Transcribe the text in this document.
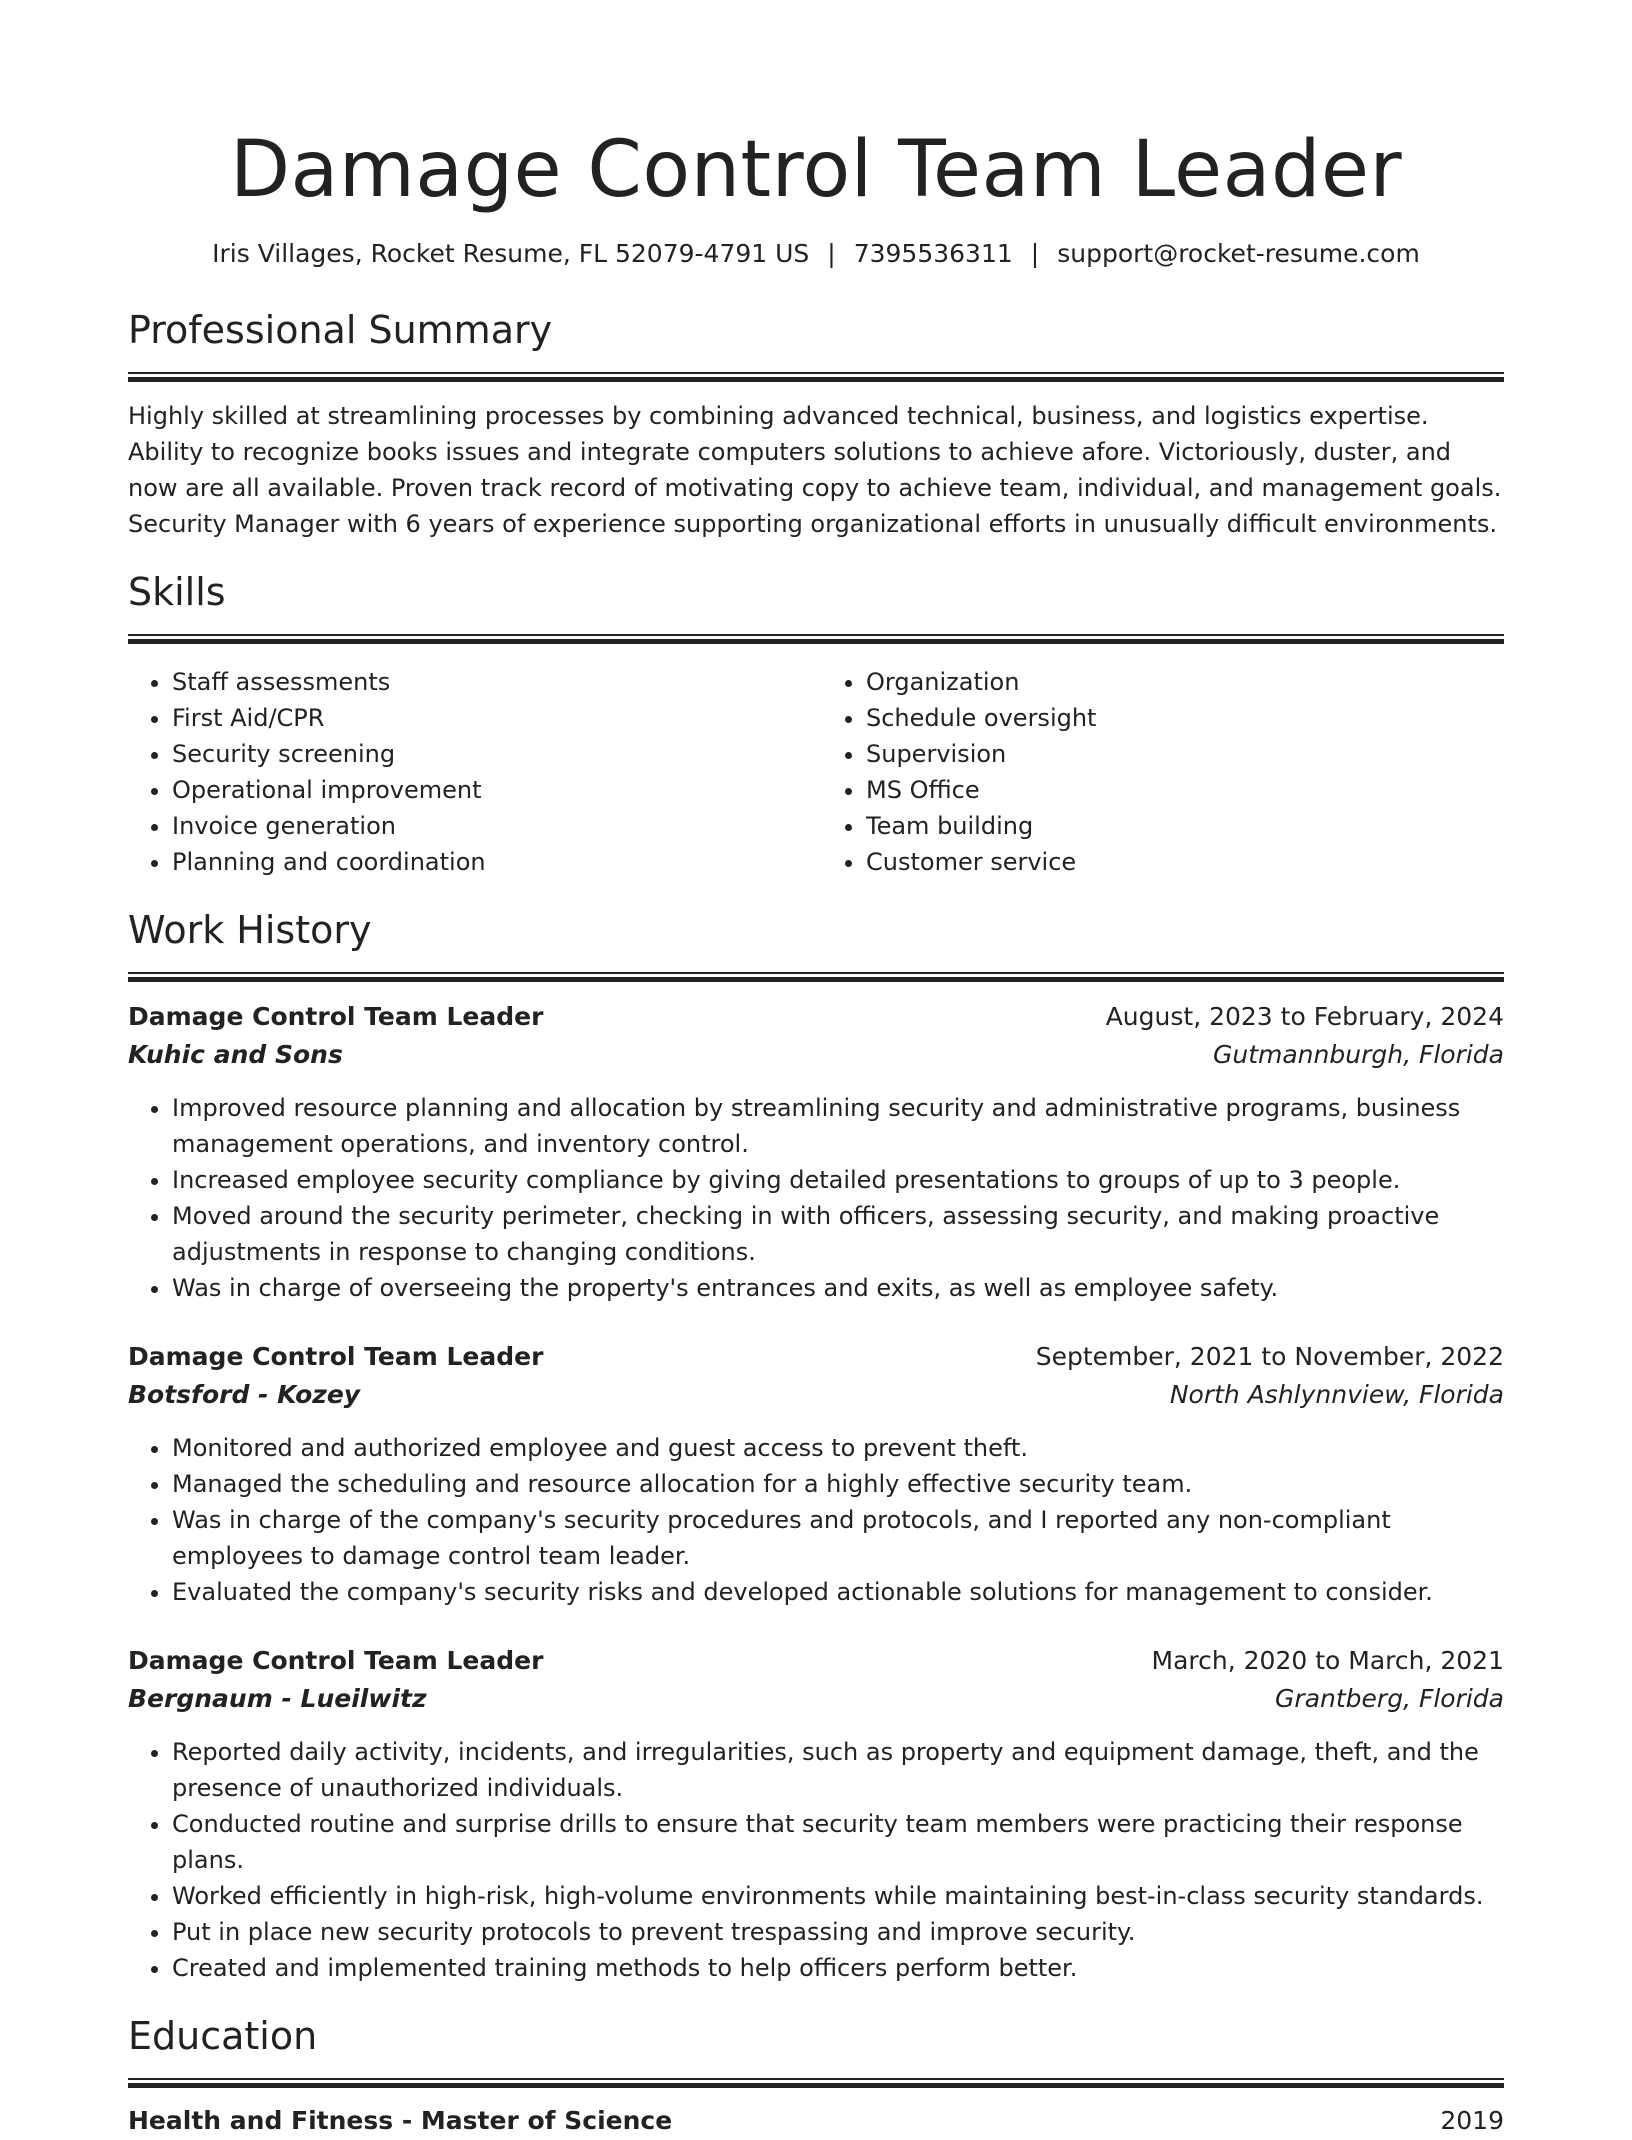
Damage Control Team Leader
Iris Villages, Rocket Resume, FL 52079-4791 US | 7395536311 | support@rocket-resume.com
Professional Summary

Highly skilled at streamlining processes by combining advanced technical, business, and logistics expertise. Ability to recognize books issues and integrate computers solutions to achieve afore. Victoriously, duster, and now are all available. Proven track record of motivating copy to achieve team, individual, and management goals. Security Manager with 6 years of experience supporting organizational efforts in unusually difficult environments.

Skills
• Staff assessments
• First Aid/CPR
• Security screening
• Operational improvement
• Invoice generation
• Planning and coordination
• Organization
• Schedule oversight
• Supervision
• MS Office
• Team building
• Customer service
Work History
Damage Control Team Leader	August, 2023 to February, 2024
Kuhic and Sons	Gutmannburgh, Florida
• Improved resource planning and allocation by streamlining security and administrative programs, business management operations, and inventory control.
• Increased employee security compliance by giving detailed presentations to groups of up to 3 people.
• Moved around the security perimeter, checking in with officers, assessing security, and making proactive adjustments in response to changing conditions.
• Was in charge of overseeing the property's entrances and exits, as well as employee safety.
Damage Control Team Leader	September, 2021 to November, 2022
Botsford - Kozey	North Ashlynnview, Florida
• Monitored and authorized employee and guest access to prevent theft.
• Managed the scheduling and resource allocation for a highly effective security team.
• Was in charge of the company's security procedures and protocols, and I reported any non-compliant employees to damage control team leader.
• Evaluated the company's security risks and developed actionable solutions for management to consider.
Damage Control Team Leader	March, 2020 to March, 2021
Bergnaum - Lueilwitz	Grantberg, Florida
• Reported daily activity, incidents, and irregularities, such as property and equipment damage, theft, and the presence of unauthorized individuals.
• Conducted routine and surprise drills to ensure that security team members were practicing their response plans.
• Worked efficiently in high-risk, high-volume environments while maintaining best-in-class security standards.
• Put in place new security protocols to prevent trespassing and improve security.
• Created and implemented training methods to help officers perform better.
Education
Health and Fitness - Master of Science	2019
